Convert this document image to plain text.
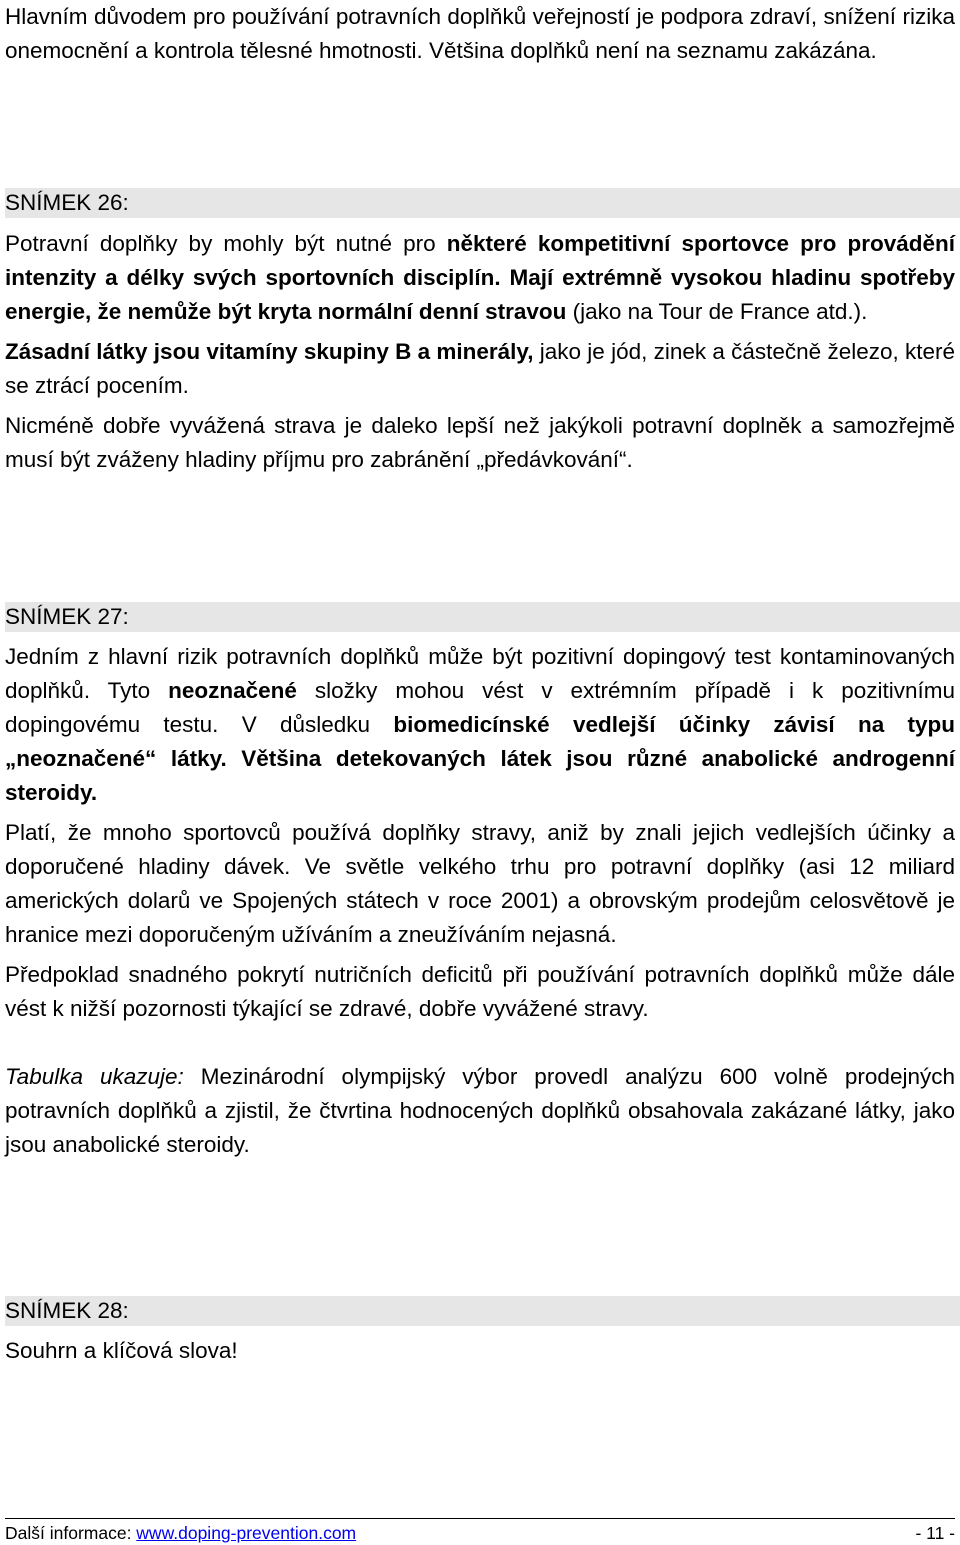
Hlavním důvodem pro používání potravních doplňků veřejností je podpora zdraví, snížení rizika onemocnění a kontrola tělesné hmotnosti. Většina doplňků není na seznamu zakázána.

SNÍMEK 26:

Potravní doplňky by mohly být nutné pro některé kompetitivní sportovce pro provádění intenzity a délky svých sportovních disciplín. Mají extrémně vysokou hladinu spotřeby energie, že nemůže být kryta normální denní stravou (jako na Tour de France atd.).

Zásadní látky jsou vitamíny skupiny B a minerály, jako je jód, zinek a částečně železo, které se ztrácí pocením.

Nicméně dobře vyvážená strava je daleko lepší než jakýkoli potravní doplněk a samozřejmě musí být zváženy hladiny příjmu pro zabránění „předávkování“.

SNÍMEK 27:

Jedním z hlavní rizik potravních doplňků může být pozitivní dopingový test kontaminovaných doplňků. Tyto neoznačené složky mohou vést v extrémním případě i k pozitivnímu dopingovému testu. V důsledku biomedicínské vedlejší účinky závisí na typu „neoznačené“ látky. Většina detekovaných látek jsou různé anabolické androgenní steroidy.

Platí, že mnoho sportovců používá doplňky stravy, aniž by znali jejich vedlejších účinky a doporučené hladiny dávek. Ve světle velkého trhu pro potravní doplňky (asi 12 miliard amerických dolarů ve Spojených státech v roce 2001) a obrovským prodejům celosvětově je hranice mezi doporučeným užíváním a zneužíváním nejasná.

Předpoklad snadného pokrytí nutričních deficitů při používání potravních doplňků může dále vést k nižší pozornosti týkající se zdravé, dobře vyvážené stravy.

Tabulka ukazuje: Mezinárodní olympijský výbor provedl analýzu 600 volně prodejných potravních doplňků a zjistil, že čtvrtina hodnocených doplňků obsahovala zakázané látky, jako jsou anabolické steroidy.

SNÍMEK 28:

Souhrn a klíčová slova!

Další informace: www.doping-prevention.com	- 11 -
